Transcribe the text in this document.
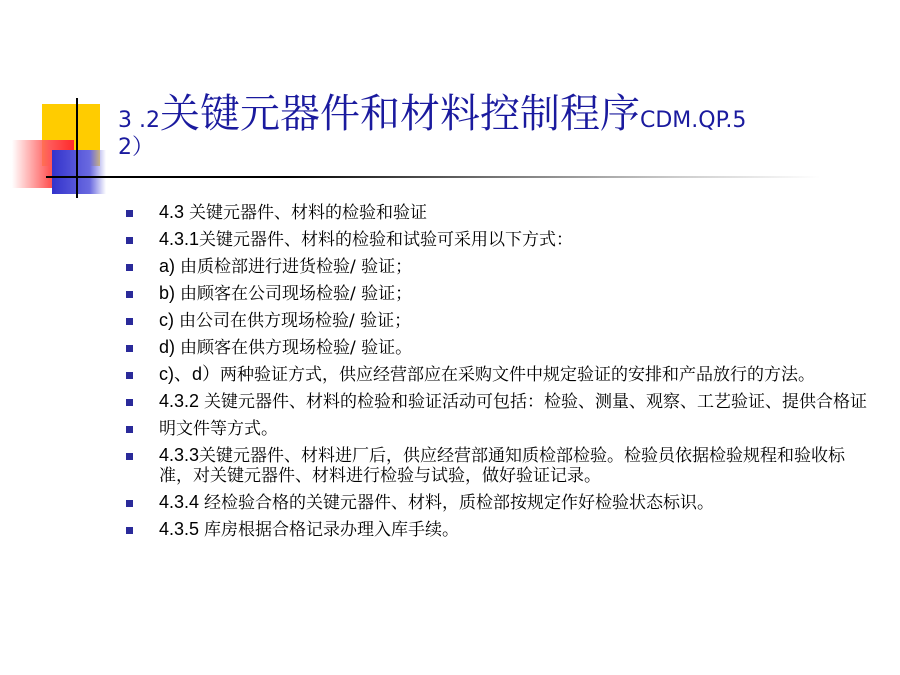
3 .2关键元器件和材料控制程序CDM.QP.5
2）
4.3 关键元器件、材料的检验和验证
4.3.1关键元器件、材料的检验和试验可采用以下方式：
a) 由质检部进行进货检验/ 验证；
b) 由顾客在公司现场检验/ 验证；
c) 由公司在供方现场检验/ 验证；
d) 由顾客在供方现场检验/ 验证。
c)、d）两种验证方式，供应经营部应在采购文件中规定验证的安排和产品放行的方法。
4.3.2 关键元器件、材料的检验和验证活动可包括：检验、测量、观察、工艺验证、提供合格证
明文件等方式。
4.3.3关键元器件、材料进厂后，供应经营部通知质检部检验。检验员依据检验规程和验收标准，对关键元器件、材料进行检验与试验，做好验证记录。
4.3.4 经检验合格的关键元器件、材料，质检部按规定作好检验状态标识。
4.3.5 库房根据合格记录办理入库手续。
